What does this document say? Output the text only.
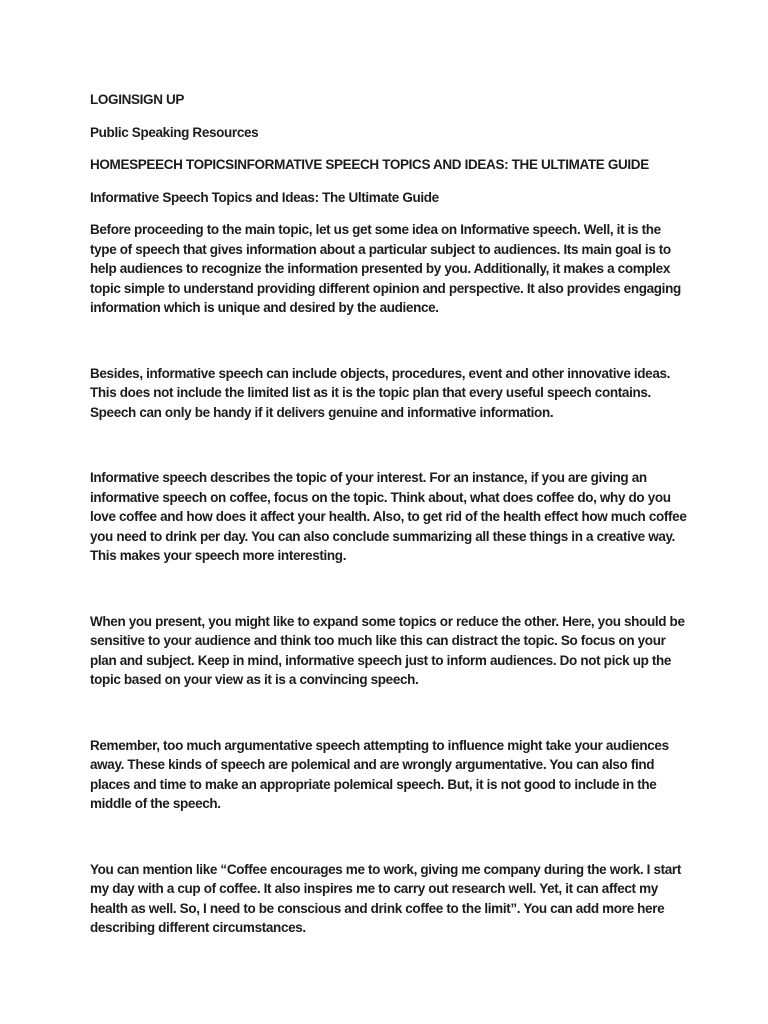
LOGINSIGN UP

Public Speaking Resources

HOMESPEECH TOPICSINFORMATIVE SPEECH TOPICS AND IDEAS: THE ULTIMATE GUIDE

Informative Speech Topics and Ideas: The Ultimate Guide

Before proceeding to the main topic, let us get some idea on Informative speech. Well, it is the type of speech that gives information about a particular subject to audiences. Its main goal is to help audiences to recognize the information presented by you. Additionally, it makes a complex topic simple to understand providing different opinion and perspective. It also provides engaging information which is unique and desired by the audience.

Besides, informative speech can include objects, procedures, event and other innovative ideas. This does not include the limited list as it is the topic plan that every useful speech contains. Speech can only be handy if it delivers genuine and informative information.

Informative speech describes the topic of your interest. For an instance, if you are giving an informative speech on coffee, focus on the topic. Think about, what does coffee do, why do you love coffee and how does it affect your health. Also, to get rid of the health effect how much coffee you need to drink per day. You can also conclude summarizing all these things in a creative way. This makes your speech more interesting.

When you present, you might like to expand some topics or reduce the other. Here, you should be sensitive to your audience and think too much like this can distract the topic. So focus on your plan and subject. Keep in mind, informative speech just to inform audiences. Do not pick up the topic based on your view as it is a convincing speech.

Remember, too much argumentative speech attempting to influence might take your audiences away. These kinds of speech are polemical and are wrongly argumentative. You can also find places and time to make an appropriate polemical speech. But, it is not good to include in the middle of the speech.

You can mention like “Coffee encourages me to work, giving me company during the work. I start my day with a cup of coffee. It also inspires me to carry out research well. Yet, it can affect my health as well. So, I need to be conscious and drink coffee to the limit”. You can add more here describing different circumstances.
